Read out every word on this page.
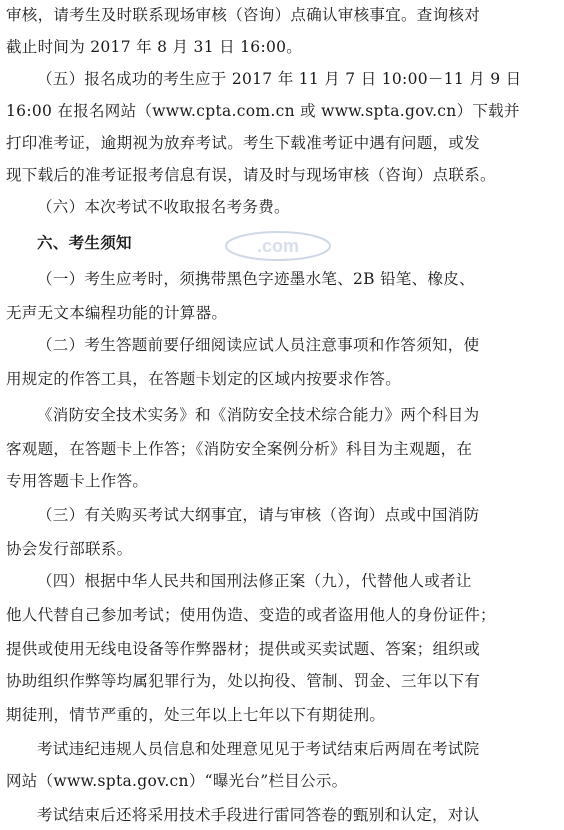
审核，请考生及时联系现场审核（咨询）点确认审核事宜。查询核对
截止时间为 2017 年 8 月 31 日 16:00。
（五）报名成功的考生应于 2017 年 11 月 7 日 10:00－11 月 9 日
16:00 在报名网站（www.cpta.com.cn 或 www.spta.gov.cn）下载并
打印准考证，逾期视为放弃考试。考生下载准考证中遇有问题，或发
现下载后的准考证报考信息有误，请及时与现场审核（咨询）点联系。
（六）本次考试不收取报名考务费。
六、考生须知
（一）考生应考时，须携带黑色字迹墨水笔、2B 铅笔、橡皮、
无声无文本编程功能的计算器。
（二）考生答题前要仔细阅读应试人员注意事项和作答须知，使
用规定的作答工具，在答题卡划定的区域内按要求作答。
《消防安全技术实务》和《消防安全技术综合能力》两个科目为
客观题，在答题卡上作答；《消防安全案例分析》科目为主观题，在
专用答题卡上作答。
（三）有关购买考试大纲事宜，请与审核（咨询）点或中国消防
协会发行部联系。
（四）根据中华人民共和国刑法修正案（九），代替他人或者让
他人代替自己参加考试；使用伪造、变造的或者盗用他人的身份证件；
提供或使用无线电设备等作弊器材；提供或买卖试题、答案；组织或
协助组织作弊等均属犯罪行为，处以拘役、管制、罚金、三年以下有
期徒刑，情节严重的，处三年以上七年以下有期徒刑。
考试违纪违规人员信息和处理意见见于考试结束后两周在考试院
网站（www.spta.gov.cn）“曝光台”栏目公示。
考试结束后还将采用技术手段进行雷同答卷的甄别和认定，对认
.com
